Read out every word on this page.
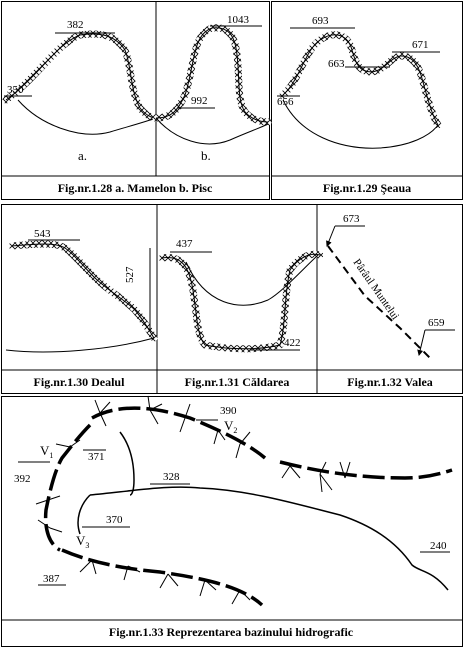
382
350
a.
1043
992
b.
Fig.nr.1.28 a. Mamelon b. Pisc
693
671
663
656
Fig.nr.1.29 Şeaua
543
527
Fig.nr.1.30 Dealul
437
422
Fig.nr.1.31 Căldarea
673
659
Pârâul Muntelui
Fig.nr.1.32 Valea
$V_1$
$V_2$
$V_3$
390
371
392	328
370
387
240
Fig.nr.1.33 Reprezentarea bazinului hidrografic
